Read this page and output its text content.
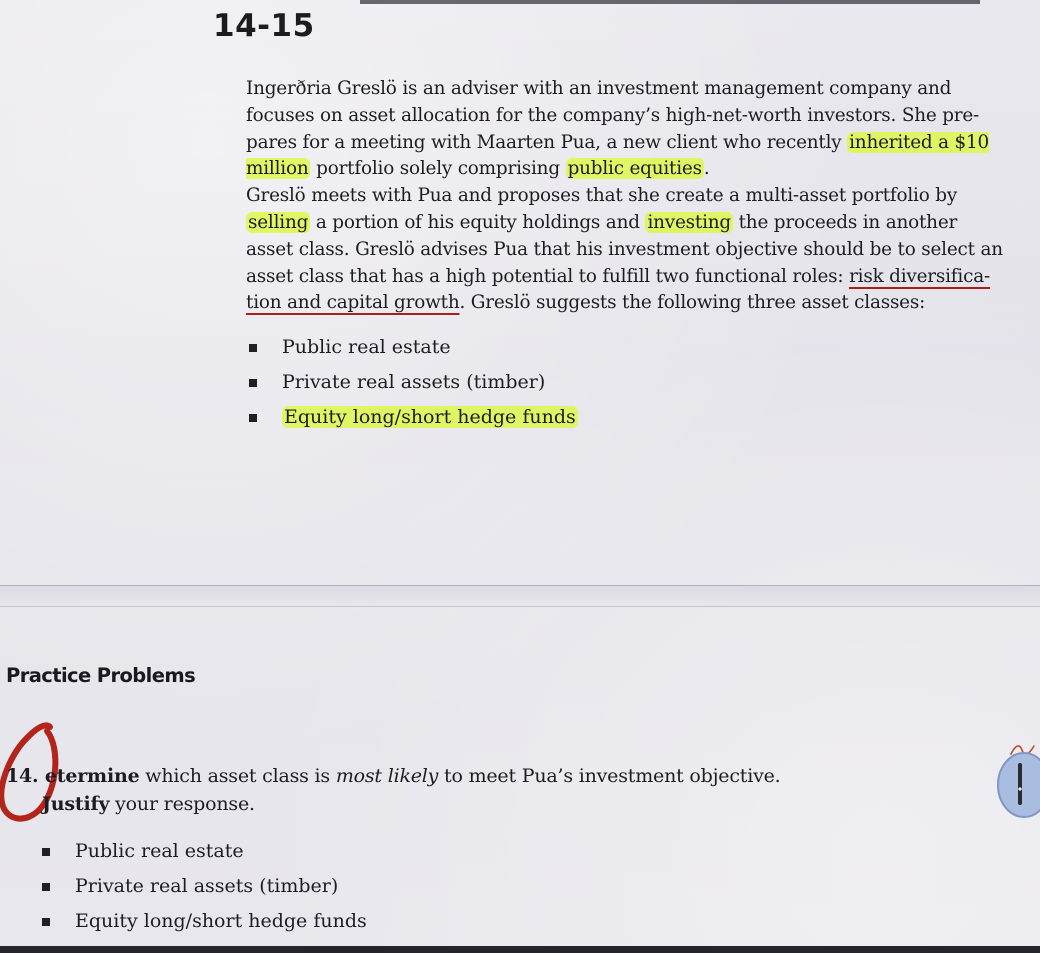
14-15

Ingerðria Greslö is an adviser with an investment management company and focuses on asset allocation for the company’s high-net-worth investors. She pre-pares for a meeting with Maarten Pua, a new client who recently inherited a $10 million portfolio solely comprising public equities .

Greslö meets with Pua and proposes that she create a multi-asset portfolio by selling a portion of his equity holdings and investing the proceeds in another asset class. Greslö advises Pua that his investment objective should be to select an asset class that has a high potential to fulfill two functional roles: risk diversifica-tion and capital growth. Greslö suggests the following three asset classes:

Public real estate
Private real assets (timber)
Equity long/short hedge funds
Practice Problems
14. etermine which asset class is most likely to meet Pua’s investment objective.
Justify your response.
Public real estate
Private real assets (timber)
Equity long/short hedge funds
